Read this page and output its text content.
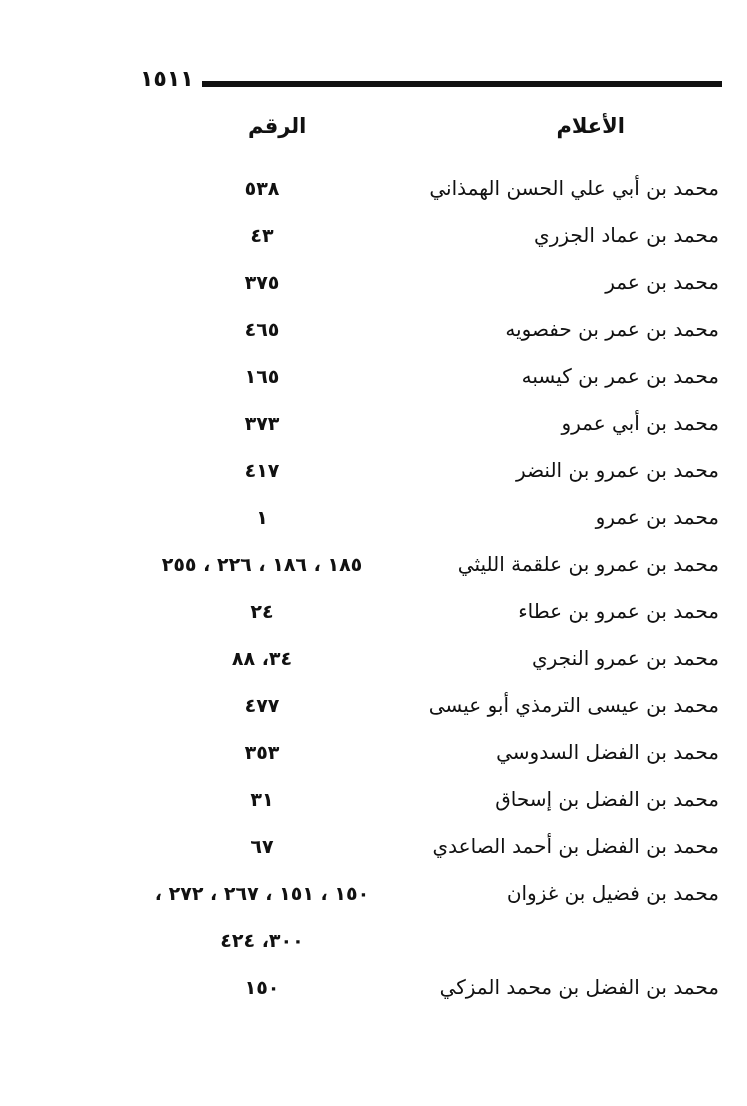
١٥١١
الأعلام
الرقم
محمد بن أبي علي الحسن الهمذاني
٥٣٨
محمد بن عماد الجزري
٤٣
محمد بن عمر
٣٧٥
محمد بن عمر بن حفصويه
٤٦٥
محمد بن عمر بن كيسبه
١٦٥
محمد بن أبي عمرو
٣٧٣
محمد بن عمرو بن النضر
٤١٧
محمد بن عمرو
١
محمد بن عمرو بن علقمة الليثي
١٨٥ ، ١٨٦ ، ٢٢٦ ، ٢٥٥
محمد بن عمرو بن عطاء
٢٤
محمد بن عمرو النجري
٣٤، ٨٨
محمد بن عيسى الترمذي أبو عيسى
٤٧٧
محمد بن الفضل السدوسي
٣٥٣
محمد بن الفضل بن إسحاق
٣١
محمد بن الفضل بن أحمد الصاعدي
٦٧
محمد بن فضيل بن غزوان
١٥٠ ، ١٥١ ، ٢٦٧ ، ٢٧٢ ،
٣٠٠، ٤٢٤
محمد بن الفضل بن محمد المزكي
١٥٠
